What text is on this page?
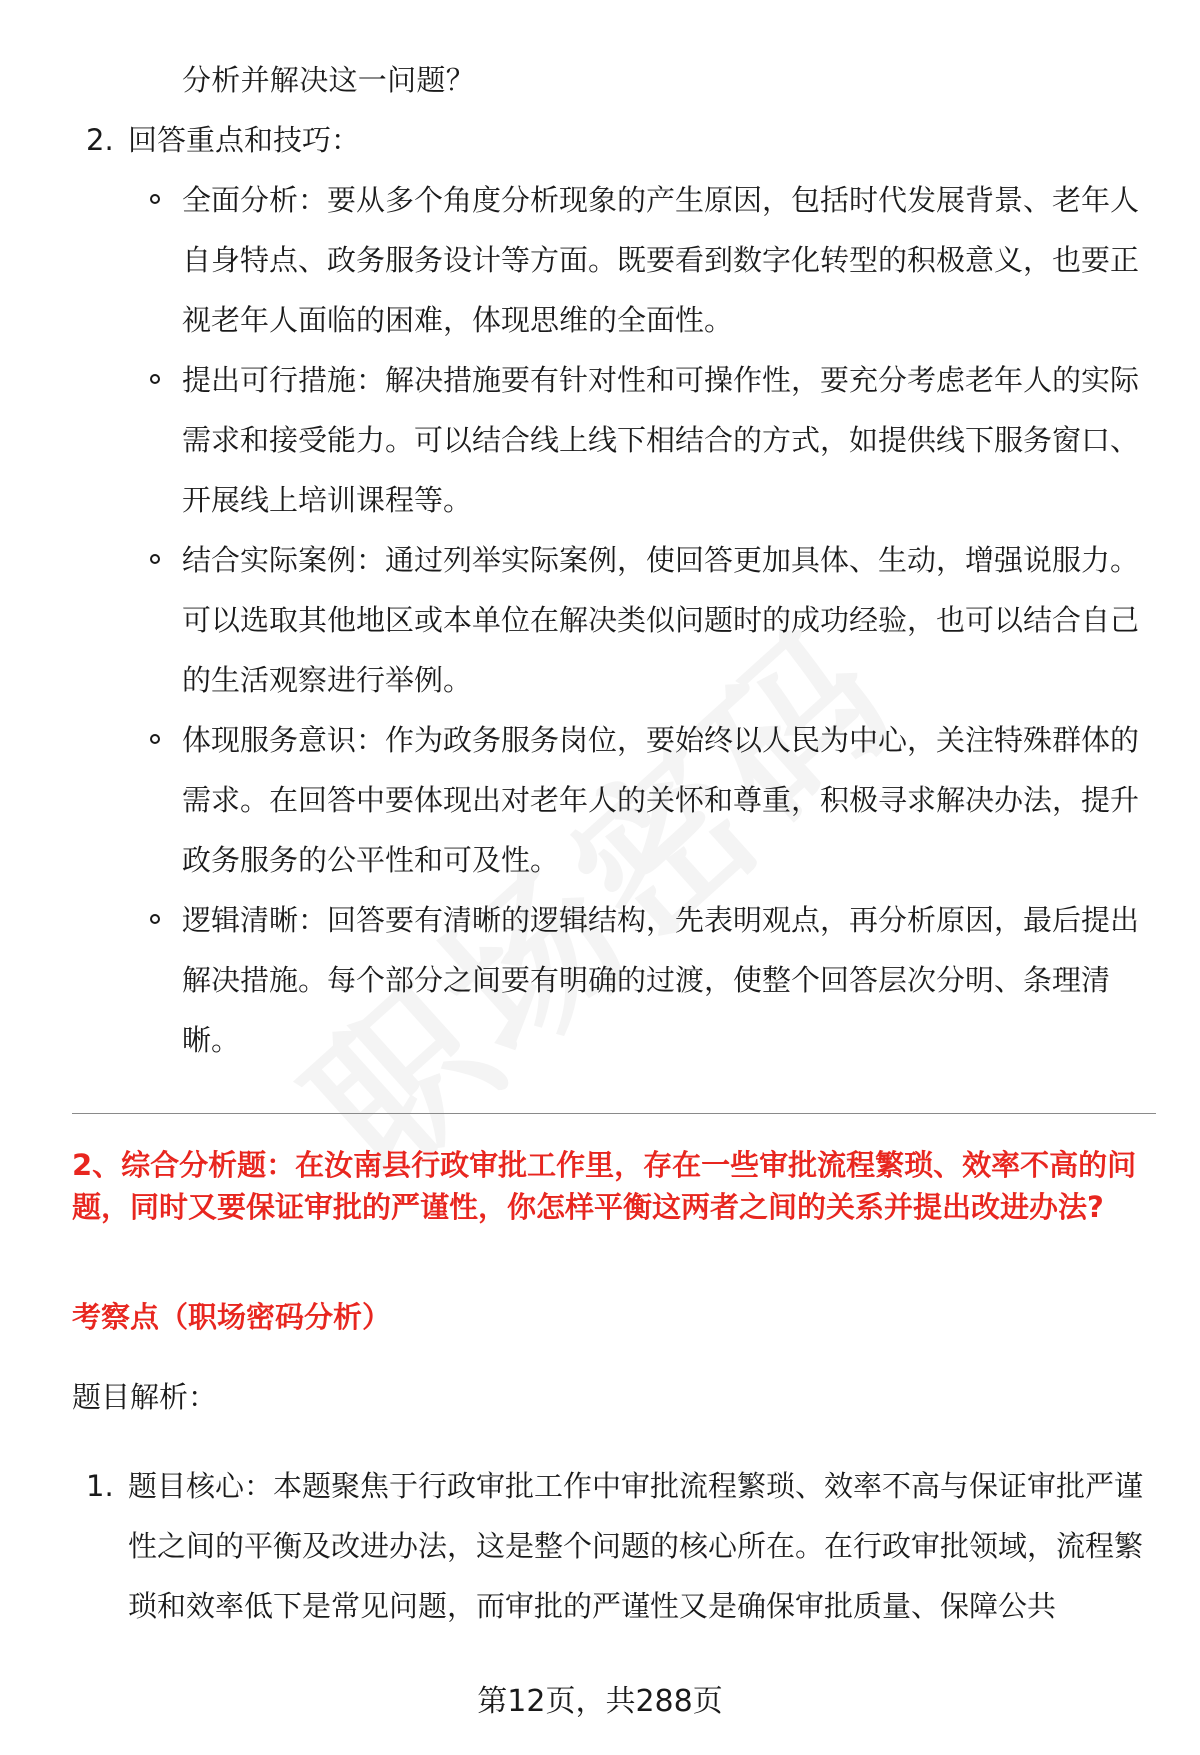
分析并解决这一问题？
2. 回答重点和技巧：
全面分析：要从多个角度分析现象的产生原因，包括时代发展背景、老年人自身特点、政务服务设计等方面。既要看到数字化转型的积极意义，也要正视老年人面临的困难，体现思维的全面性。
提出可行措施：解决措施要有针对性和可操作性，要充分考虑老年人的实际需求和接受能力。可以结合线上线下相结合的方式，如提供线下服务窗口、开展线上培训课程等。
结合实际案例：通过列举实际案例，使回答更加具体、生动，增强说服力。可以选取其他地区或本单位在解决类似问题时的成功经验，也可以结合自己的生活观察进行举例。
体现服务意识：作为政务服务岗位，要始终以人民为中心，关注特殊群体的需求。在回答中要体现出对老年人的关怀和尊重，积极寻求解决办法，提升政务服务的公平性和可及性。
逻辑清晰：回答要有清晰的逻辑结构，先表明观点，再分析原因，最后提出解决措施。每个部分之间要有明确的过渡，使整个回答层次分明、条理清晰。
2、综合分析题：在汝南县行政审批工作里，存在一些审批流程繁琐、效率不高的问题，同时又要保证审批的严谨性，你怎样平衡这两者之间的关系并提出改进办法?
考察点（职场密码分析）
题目解析：
1. 题目核心：本题聚焦于行政审批工作中审批流程繁琐、效率不高与保证审批严谨性之间的平衡及改进办法，这是整个问题的核心所在。在行政审批领域，流程繁琐和效率低下是常见问题，而审批的严谨性又是确保审批质量、保障公共
第12页，共288页
